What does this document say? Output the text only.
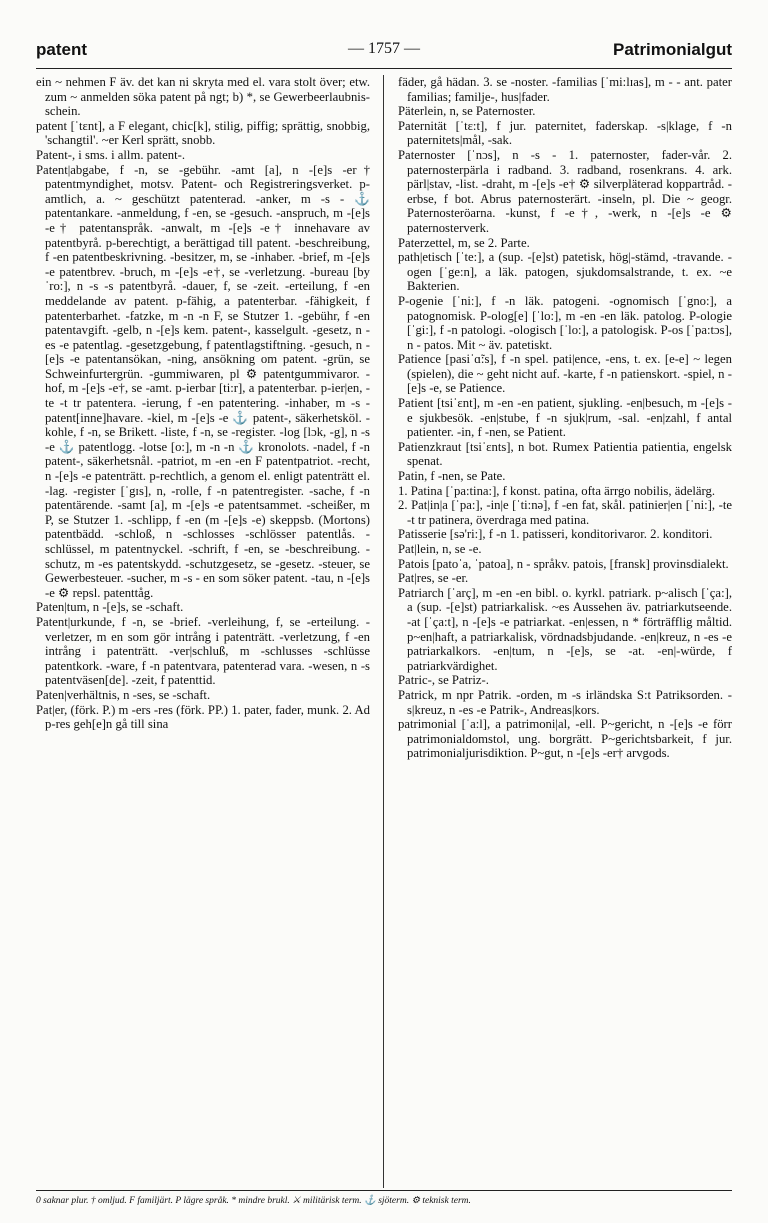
patent	— 1757 —	Patrimonialgut

ein ~ nehmen F äv. det kan ni skryta med el. vara stolt över; etw. zum ~ anmelden söka patent på ngt; b) *, se Gewerbeerlaubnis-schein.

patent [ˈtɛnt], a F elegant, chic[k], stilig, piffig; sprättig, snobbig, 'schangtil'. ~er Kerl sprätt, snobb.

Patent-, i sms. i allm. patent-.

Patent|abgabe, f -n, se -gebühr. -amt [a], n -[e]s -er† patentmyndighet, motsv. Patent- och Registreringsverket. p-amtlich, a. ~ geschützt patenterad. -anker, m -s - ⚓ patentankare. -anmeldung, f -en, se -gesuch. -anspruch, m -[e]s -e† patentanspråk. -anwalt, m -[e]s -e† innehavare av patentbyrå. p-berechtigt, a berättigad till patent. -beschreibung, f -en patentbeskrivning. -besitzer, m, se -inhaber. -brief, m -[e]s -e patentbrev. -bruch, m -[e]s -e†, se -verletzung. -bureau [byˈro:], n -s -s patentbyrå. -dauer, f, se -zeit. -erteilung, f -en meddelande av patent. p-fähig, a patenterbar. -fähigkeit, f patenterbarhet. -fatzke, m -n -n F, se Stutzer 1. -gebühr, f -en patentavgift. -gelb, n -[e]s kem. patent-, kasselgult. -gesetz, n -es -e patentlag. -gesetzgebung, f patentlagstiftning. -gesuch, n -[e]s -e patentansökan, -ning, ansökning om patent. -grün, se Schweinfurtergrün. -gummiwaren, pl ⚙ patentgummivaror. -hof, m -[e]s -e†, se -amt. p-ierbar [ti:r], a patenterbar. p-ier|en, -te -t tr patentera. -ierung, f -en patentering. -inhaber, m -s - patent[inne]havare. -kiel, m -[e]s -e ⚓ patent-, säkerhetsköl. -kohle, f -n, se Brikett. -liste, f -n, se -register. -log [lɔk, -g], n -s -e ⚓ patentlogg. -lotse [o:], m -n -n ⚓ kronolots. -nadel, f -n patent-, säkerhetsnål. -patriot, m -en -en F patentpatriot. -recht, n -[e]s -e patenträtt. p-rechtlich, a genom el. enligt patenträtt el. -lag. -register [ˈgɪs], n, -rolle, f -n patentregister. -sache, f -n patentärende. -samt [a], m -[e]s -e patentsammet. -scheißer, m P, se Stutzer 1. -schlipp, f -en (m -[e]s -e) skeppsb. (Mortons) patentbädd. -schloß, n -schlosses -schlösser patentlås. -schlüssel, m patentnyckel. -schrift, f -en, se -beschreibung. -schutz, m -es patentskydd. -schutzgesetz, se -gesetz. -steuer, se Gewerbesteuer. -sucher, m -s - en som söker patent. -tau, n -[e]s -e ⚙ repsl. patenttåg.

Paten|tum, n -[e]s, se -schaft.

Patent|urkunde, f -n, se -brief. -verleihung, f, se -erteilung. -verletzer, m en som gör intrång i patenträtt. -verletzung, f -en intrång i patenträtt. -ver|schluß, m -schlusses -schlüsse patentkork. -ware, f -n patentvara, patenterad vara. -wesen, n -s patentväsen[de]. -zeit, f patenttid.

Paten|verhältnis, n -ses, se -schaft.

Pat|er, (förk. P.) m -ers -res (förk. PP.) 1. pater, fader, munk. 2. Ad p-res geh[e]n gå till sina

fäder, gå hädan. 3. se -noster. -familias [ˈmi:lɪas], m - - ant. pater familias; familje-, hus|fader.

Päterlein, n, se Paternoster.

Paternität [ˈtɛ:t], f jur. paternitet, faderskap. -s|klage, f -n paternitets|mål, -sak.

Paternoster [ˈnɔs], n -s - 1. paternoster, fader-vår. 2. paternosterpärla i radband. 3. radband, rosenkrans. 4. ark. pärl|stav, -list. -draht, m -[e]s -e† ⚙ silverpläterad koppartråd. -erbse, f bot. Abrus paternosterärt. -inseln, pl. Die ~ geogr. Paternosteröarna. -kunst, f -e†, -werk, n -[e]s -e ⚙ paternosterverk.

Paterzettel, m, se 2. Parte.

path|etisch [ˈte:], a (sup. -[e]st) patetisk, hög|-stämd, -travande. -ogen [ˈge:n], a läk. patogen, sjukdomsalstrande, t. ex. ~e Bakterien.

P-ogenie [ˈni:], f -n läk. patogeni. -ognomisch [ˈgno:], a patognomisk. P-olog[e] [ˈlo:], m -en -en läk. patolog. P-ologie [ˈgi:], f -n patologi. -ologisch [ˈlo:], a patologisk. P-os [ˈpa:tɔs], n - patos. Mit ~ äv. patetiskt.

Patience [pasiˈɑ̃:s], f -n spel. pati|ence, -ens, t. ex. [e-e] ~ legen (spielen), die ~ geht nicht auf. -karte, f -n patienskort. -spiel, n -[e]s -e, se Patience.

Patient [tsiˈɛnt], m -en -en patient, sjukling. -en|besuch, m -[e]s -e sjukbesök. -en|stube, f -n sjuk|rum, -sal. -en|zahl, f antal patienter. -in, f -nen, se Patient.

Patienzkraut [tsiˈɛnts], n bot. Rumex Patientia patientia, engelsk spenat.

Patin, f -nen, se Pate.

1. Patina [ˈpa:tina:], f konst. patina, ofta ärrgo nobilis, ädelärg.

2. Pat|in|a [ˈpa:], -in|e [ˈti:nə], f -en fat, skål. patinier|en [ˈni:], -te -t tr patinera, överdraga med patina.

Patisserie [sə'ri:], f -n 1. patisseri, konditorivaror. 2. konditori.

Pat|lein, n, se -e.

Patois [patoˈa, ˈpatoa], n - språkv. patois, [fransk] provinsdialekt.

Pat|res, se -er.

Patriarch [ˈarç], m -en -en bibl. o. kyrkl. patriark. p~alisch [ˈça:], a (sup. -[e]st) patriarkalisk. ~es Aussehen äv. patriarkutseende. -at [ˈça:t], n -[e]s -e patriarkat. -en|essen, n * förträfflig måltid. p~en|haft, a patriarkalisk, vördnadsbjudande. -en|kreuz, n -es -e patriarkalkors. -en|tum, n -[e]s, se -at. -en|-würde, f patriarkvärdighet.

Patric-, se Patriz-.

Patrick, m npr Patrik. -orden, m -s irländska S:t Patriksorden. -s|kreuz, n -es -e Patrik-, Andreas|kors.

patrimonial [ˈa:l], a patrimoni|al, -ell. P~gericht, n -[e]s -e förr patrimonialdomstol, ung. borgrätt. P~gerichtsbarkeit, f jur. patrimonialjurisdiktion. P~gut, n -[e]s -er† arvgods.

0 saknar plur. † omljud. F familjärt. P lägre språk. * mindre brukl. ⚔ militärisk term. ⚓ sjöterm. ⚙ teknisk term.
